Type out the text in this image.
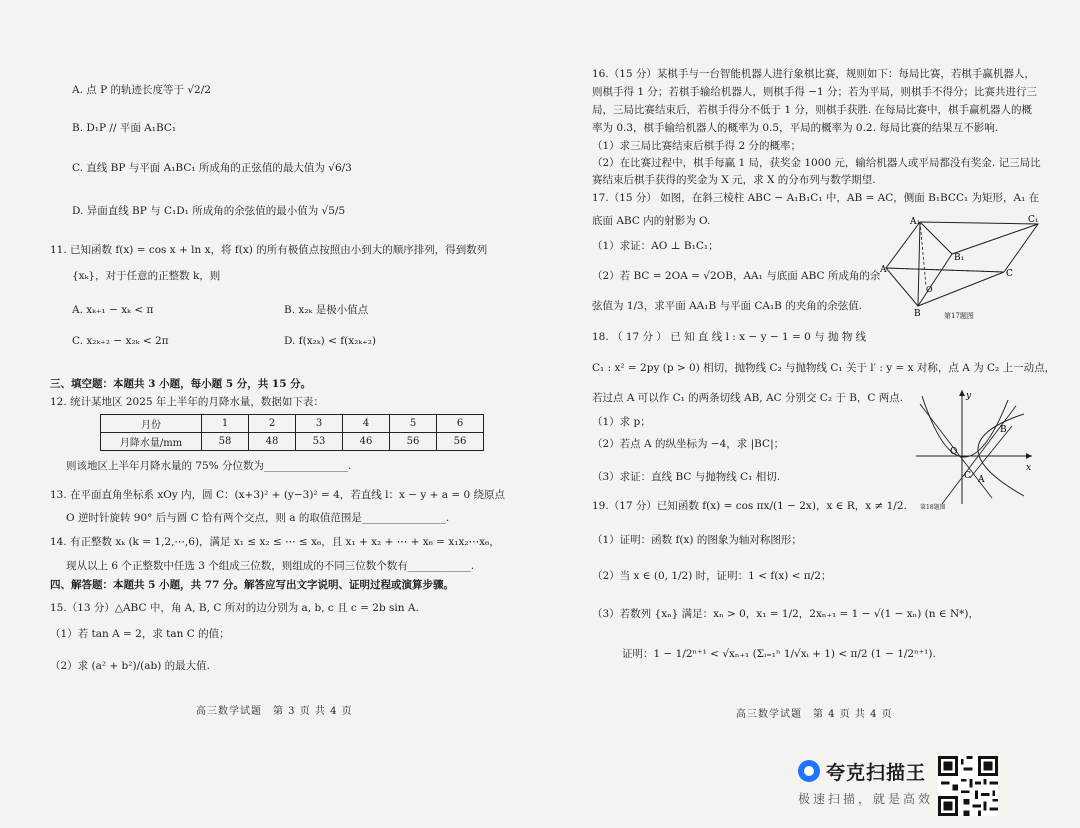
A. 点 P 的轨迹长度等于 √2/2
B. D₁P // 平面 A₁BC₁
C. 直线 BP 与平面 A₁BC₁ 所成角的正弦值的最大值为 √6/3
D. 异面直线 BP 与 C₁D₁ 所成角的余弦值的最小值为 √5/5
11. 已知函数 f(x) = cos x + ln x，将 f(x) 的所有极值点按照由小到大的顺序排列，得到数列
{xₖ}，对于任意的正整数 k，则
A. xₖ₊₁ − xₖ < π	B. x₂ₖ 是极小值点
C. x₂ₖ₊₂ − x₂ₖ < 2π	D. f(x₂ₖ) < f(x₂ₖ₊₂)
三、填空题：本题共 3 小题，每小题 5 分，共 15 分。
12. 统计某地区 2025 年上半年的月降水量，数据如下表：
月份	1	2	3	4	5	6
月降水量/mm	58	48	53	46	56	56
则该地区上半年月降水量的 75% 分位数为________________.
13. 在平面直角坐标系 xOy 内，圆 C：(x+3)² + (y−3)² = 4，若直线 l：x − y + a = 0 绕原点
O 逆时针旋转 90° 后与圆 C 恰有两个交点，则 a 的取值范围是________________.
14. 有正整数 xₖ (k = 1,2,⋯,6)，满足 x₁ ≤ x₂ ≤ ⋯ ≤ x₆，且 x₁ + x₂ + ⋯ + x₆ = x₁x₂⋯x₆，
现从以上 6 个正整数中任选 3 个组成三位数，则组成的不同三位数个数有____________.
四、解答题：本题共 5 小题，共 77 分。解答应写出文字说明、证明过程或演算步骤。
15.（13 分）△ABC 中，角 A, B, C 所对的边分别为 a, b, c 且 c = 2b sin A.
（1）若 tan A = 2，求 tan C 的值；
（2）求 (a² + b²)/(ab) 的最大值.
高三数学试题　第 3 页 共 4 页
16.（15 分）某棋手与一台智能机器人进行象棋比赛，规则如下：每局比赛，若棋手赢机器人，
则棋手得 1 分；若棋手输给机器人，则棋手得 −1 分；若为平局，则棋手不得分；比赛共进行三
局，三局比赛结束后，若棋手得分不低于 1 分，则棋手获胜. 在每局比赛中，棋手赢机器人的概
率为 0.3，棋手输给机器人的概率为 0.5，平局的概率为 0.2. 每局比赛的结果互不影响.
（1）求三局比赛结束后棋手得 2 分的概率；
（2）在比赛过程中，棋手每赢 1 局，获奖金 1000 元，输给机器人或平局都没有奖金. 记三局比
赛结束后棋手获得的奖金为 X 元，求 X 的分布列与数学期望.
17.（15 分） 如图，在斜三棱柱 ABC − A₁B₁C₁ 中，AB = AC，侧面 B₁BCC₁ 为矩形，A₁ 在
底面 ABC 内的射影为 O.
（1）求证：AO ⊥ B₁C₁；
（2）若 BC = 2OA = √2OB，AA₁ 与底面 ABC 所成角的余
弦值为 1/3，求平面 AA₁B 与平面 CA₁B 的夹角的余弦值.
A₁	C₁
B₁
A
O
C
B	第17题图
18. （ 17 分 ） 已 知 直 线 l : x − y − 1 = 0 与 抛 物 线
C₁ : x² = 2py (p > 0) 相切，抛物线 C₂ 与抛物线 C₁ 关于 l′ : y = x 对称，点 A 为 C₂ 上一动点，
若过点 A 可以作 C₁ 的两条切线 AB, AC 分别交 C₂ 于 B，C 两点.
（1）求 p；
（2）若点 A 的纵坐标为 −4，求 |BC|；
（3）求证：直线 BC 与抛物线 C₁ 相切.
y
x
O
B
C A
第18题图
19.（17 分）已知函数 f(x) = cos πx/(1 − 2x)，x ∈ R，x ≠ 1/2.
（1）证明：函数 f(x) 的图象为轴对称图形；
（2）当 x ∈ (0, 1/2) 时，证明：1 < f(x) < π/2；
（3）若数列 {xₙ} 满足：xₙ > 0，x₁ = 1/2，2xₙ₊₁ = 1 − √(1 − xₙ) (n ∈ N*)，
证明：1 − 1/2ⁿ⁺¹ < √xₙ₊₁ (Σᵢ₌₁ⁿ 1/√xᵢ + 1) < π/2 (1 − 1/2ⁿ⁺¹).
高三数学试题　第 4 页 共 4 页
夸克扫描王
极速扫描，就是高效
